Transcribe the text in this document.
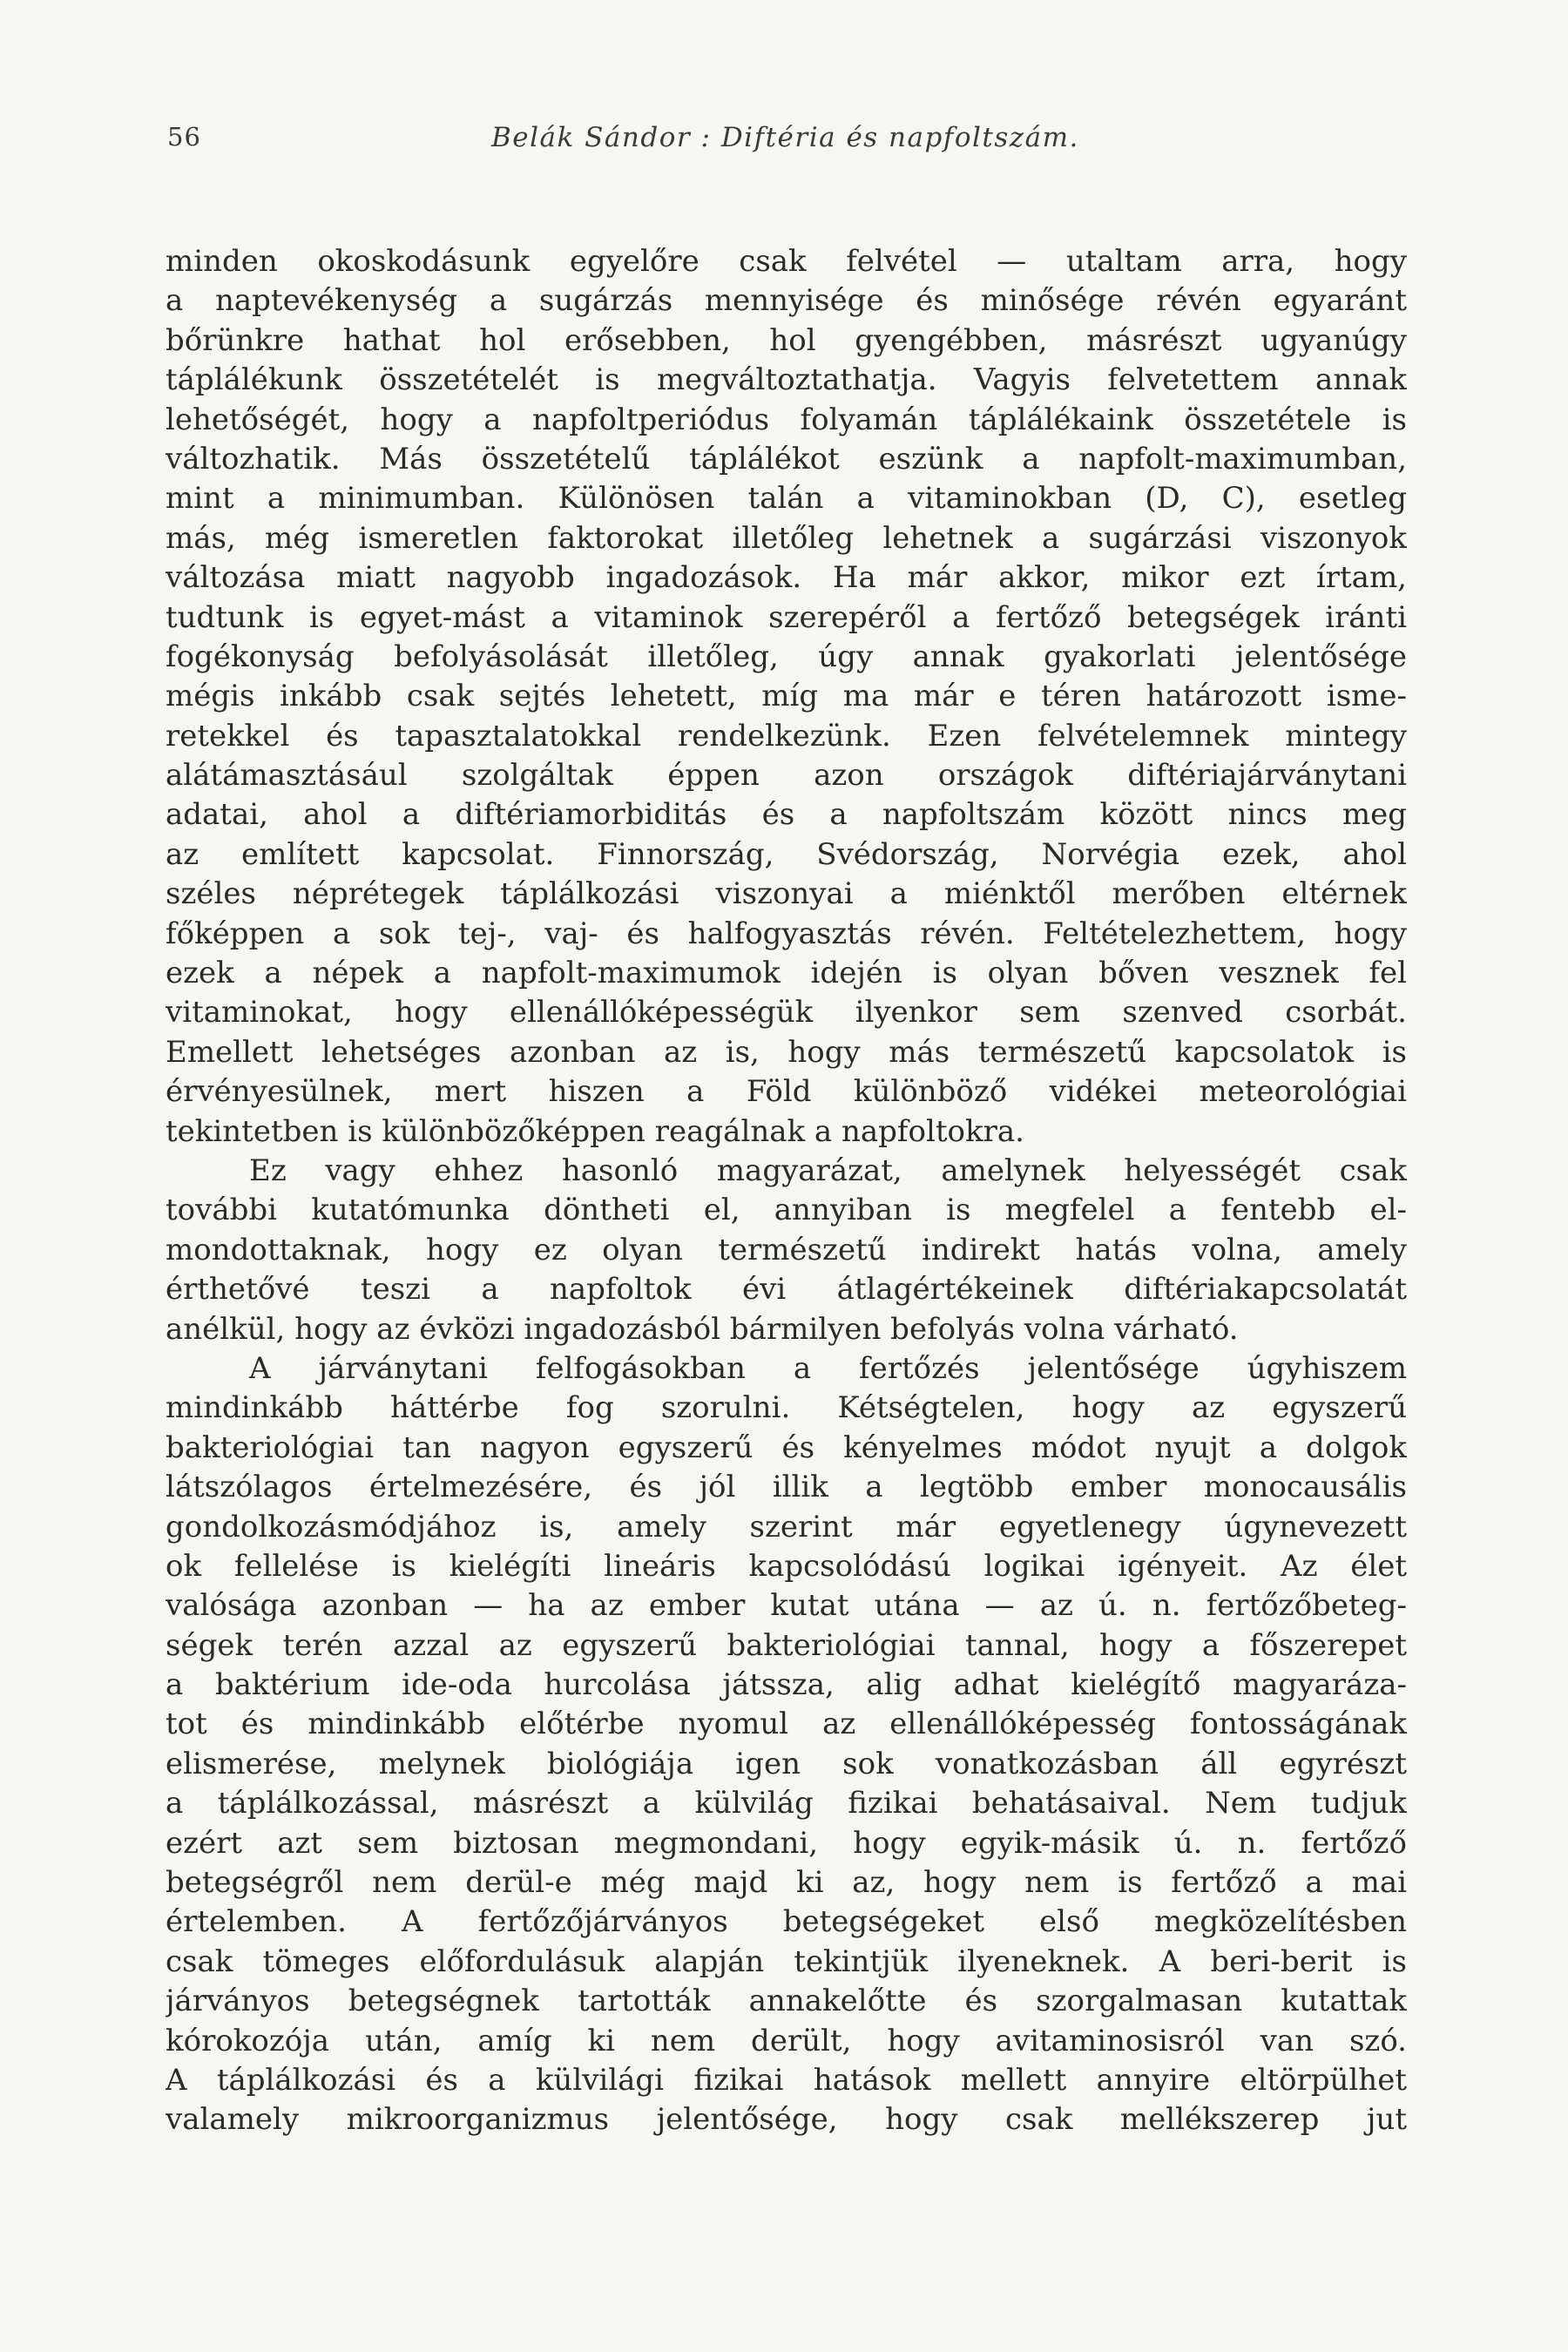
56	Belák Sándor : Diftéria és napfoltszám.
minden okoskodásunk egyelőre csak felvétel — utaltam arra, hogy
a naptevékenység a sugárzás mennyisége és minősége révén egyaránt
bőrünkre hathat hol erősebben, hol gyengébben, másrészt ugyanúgy
táplálékunk összetételét is megváltoztathatja. Vagyis felvetettem annak
lehetőségét, hogy a napfoltperiódus folyamán táplálékaink összetétele is
változhatik. Más összetételű táplálékot eszünk a napfolt-maximumban,
mint a minimumban. Különösen talán a vitaminokban (D, C), esetleg
más, még ismeretlen faktorokat illetőleg lehetnek a sugárzási viszonyok
változása miatt nagyobb ingadozások. Ha már akkor, mikor ezt írtam,
tudtunk is egyet-mást a vitaminok szerepéről a fertőző betegségek iránti
fogékonyság befolyásolását illetőleg, úgy annak gyakorlati jelentősége
mégis inkább csak sejtés lehetett, míg ma már e téren határozott isme-
retekkel és tapasztalatokkal rendelkezünk. Ezen felvételemnek mintegy
alátámasztásául szolgáltak éppen azon országok diftériajárványtani
adatai, ahol a diftériamorbiditás és a napfoltszám között nincs meg
az említett kapcsolat. Finnország, Svédország, Norvégia ezek, ahol
széles néprétegek táplálkozási viszonyai a miénktől merőben eltérnek
főképpen a sok tej-, vaj- és halfogyasztás révén. Feltételezhettem, hogy
ezek a népek a napfolt-maximumok idején is olyan bőven vesznek fel
vitaminokat, hogy ellenállóképességük ilyenkor sem szenved csorbát.
Emellett lehetséges azonban az is, hogy más természetű kapcsolatok is
érvényesülnek, mert hiszen a Föld különböző vidékei meteorológiai
tekintetben is különbözőképpen reagálnak a napfoltokra.
Ez vagy ehhez hasonló magyarázat, amelynek helyességét csak
további kutatómunka döntheti el, annyiban is megfelel a fentebb el-
mondottaknak, hogy ez olyan természetű indirekt hatás volna, amely
érthetővé teszi a napfoltok évi átlagértékeinek diftériakapcsolatát
anélkül, hogy az évközi ingadozásból bármilyen befolyás volna várható.
A járványtani felfogásokban a fertőzés jelentősége úgyhiszem
mindinkább háttérbe fog szorulni. Kétségtelen, hogy az egyszerű
bakteriológiai tan nagyon egyszerű és kényelmes módot nyujt a dolgok
látszólagos értelmezésére, és jól illik a legtöbb ember monocausális
gondolkozásmódjához is, amely szerint már egyetlenegy úgynevezett
ok fellelése is kielégíti lineáris kapcsolódású logikai igényeit. Az élet
valósága azonban — ha az ember kutat utána — az ú. n. fertőzőbeteg-
ségek terén azzal az egyszerű bakteriológiai tannal, hogy a főszerepet
a baktérium ide-oda hurcolása játssza, alig adhat kielégítő magyaráza-
tot és mindinkább előtérbe nyomul az ellenállóképesség fontosságának
elismerése, melynek biológiája igen sok vonatkozásban áll egyrészt
a táplálkozással, másrészt a külvilág fizikai behatásaival. Nem tudjuk
ezért azt sem biztosan megmondani, hogy egyik-másik ú. n. fertőző
betegségről nem derül-e még majd ki az, hogy nem is fertőző a mai
értelemben. A fertőzőjárványos betegségeket első megközelítésben
csak tömeges előfordulásuk alapján tekintjük ilyeneknek. A beri-berit is
járványos betegségnek tartották annakelőtte és szorgalmasan kutattak
kórokozója után, amíg ki nem derült, hogy avitaminosisról van szó.
A táplálkozási és a külvilági fizikai hatások mellett annyire eltörpülhet
valamely mikroorganizmus jelentősége, hogy csak mellékszerep jut
